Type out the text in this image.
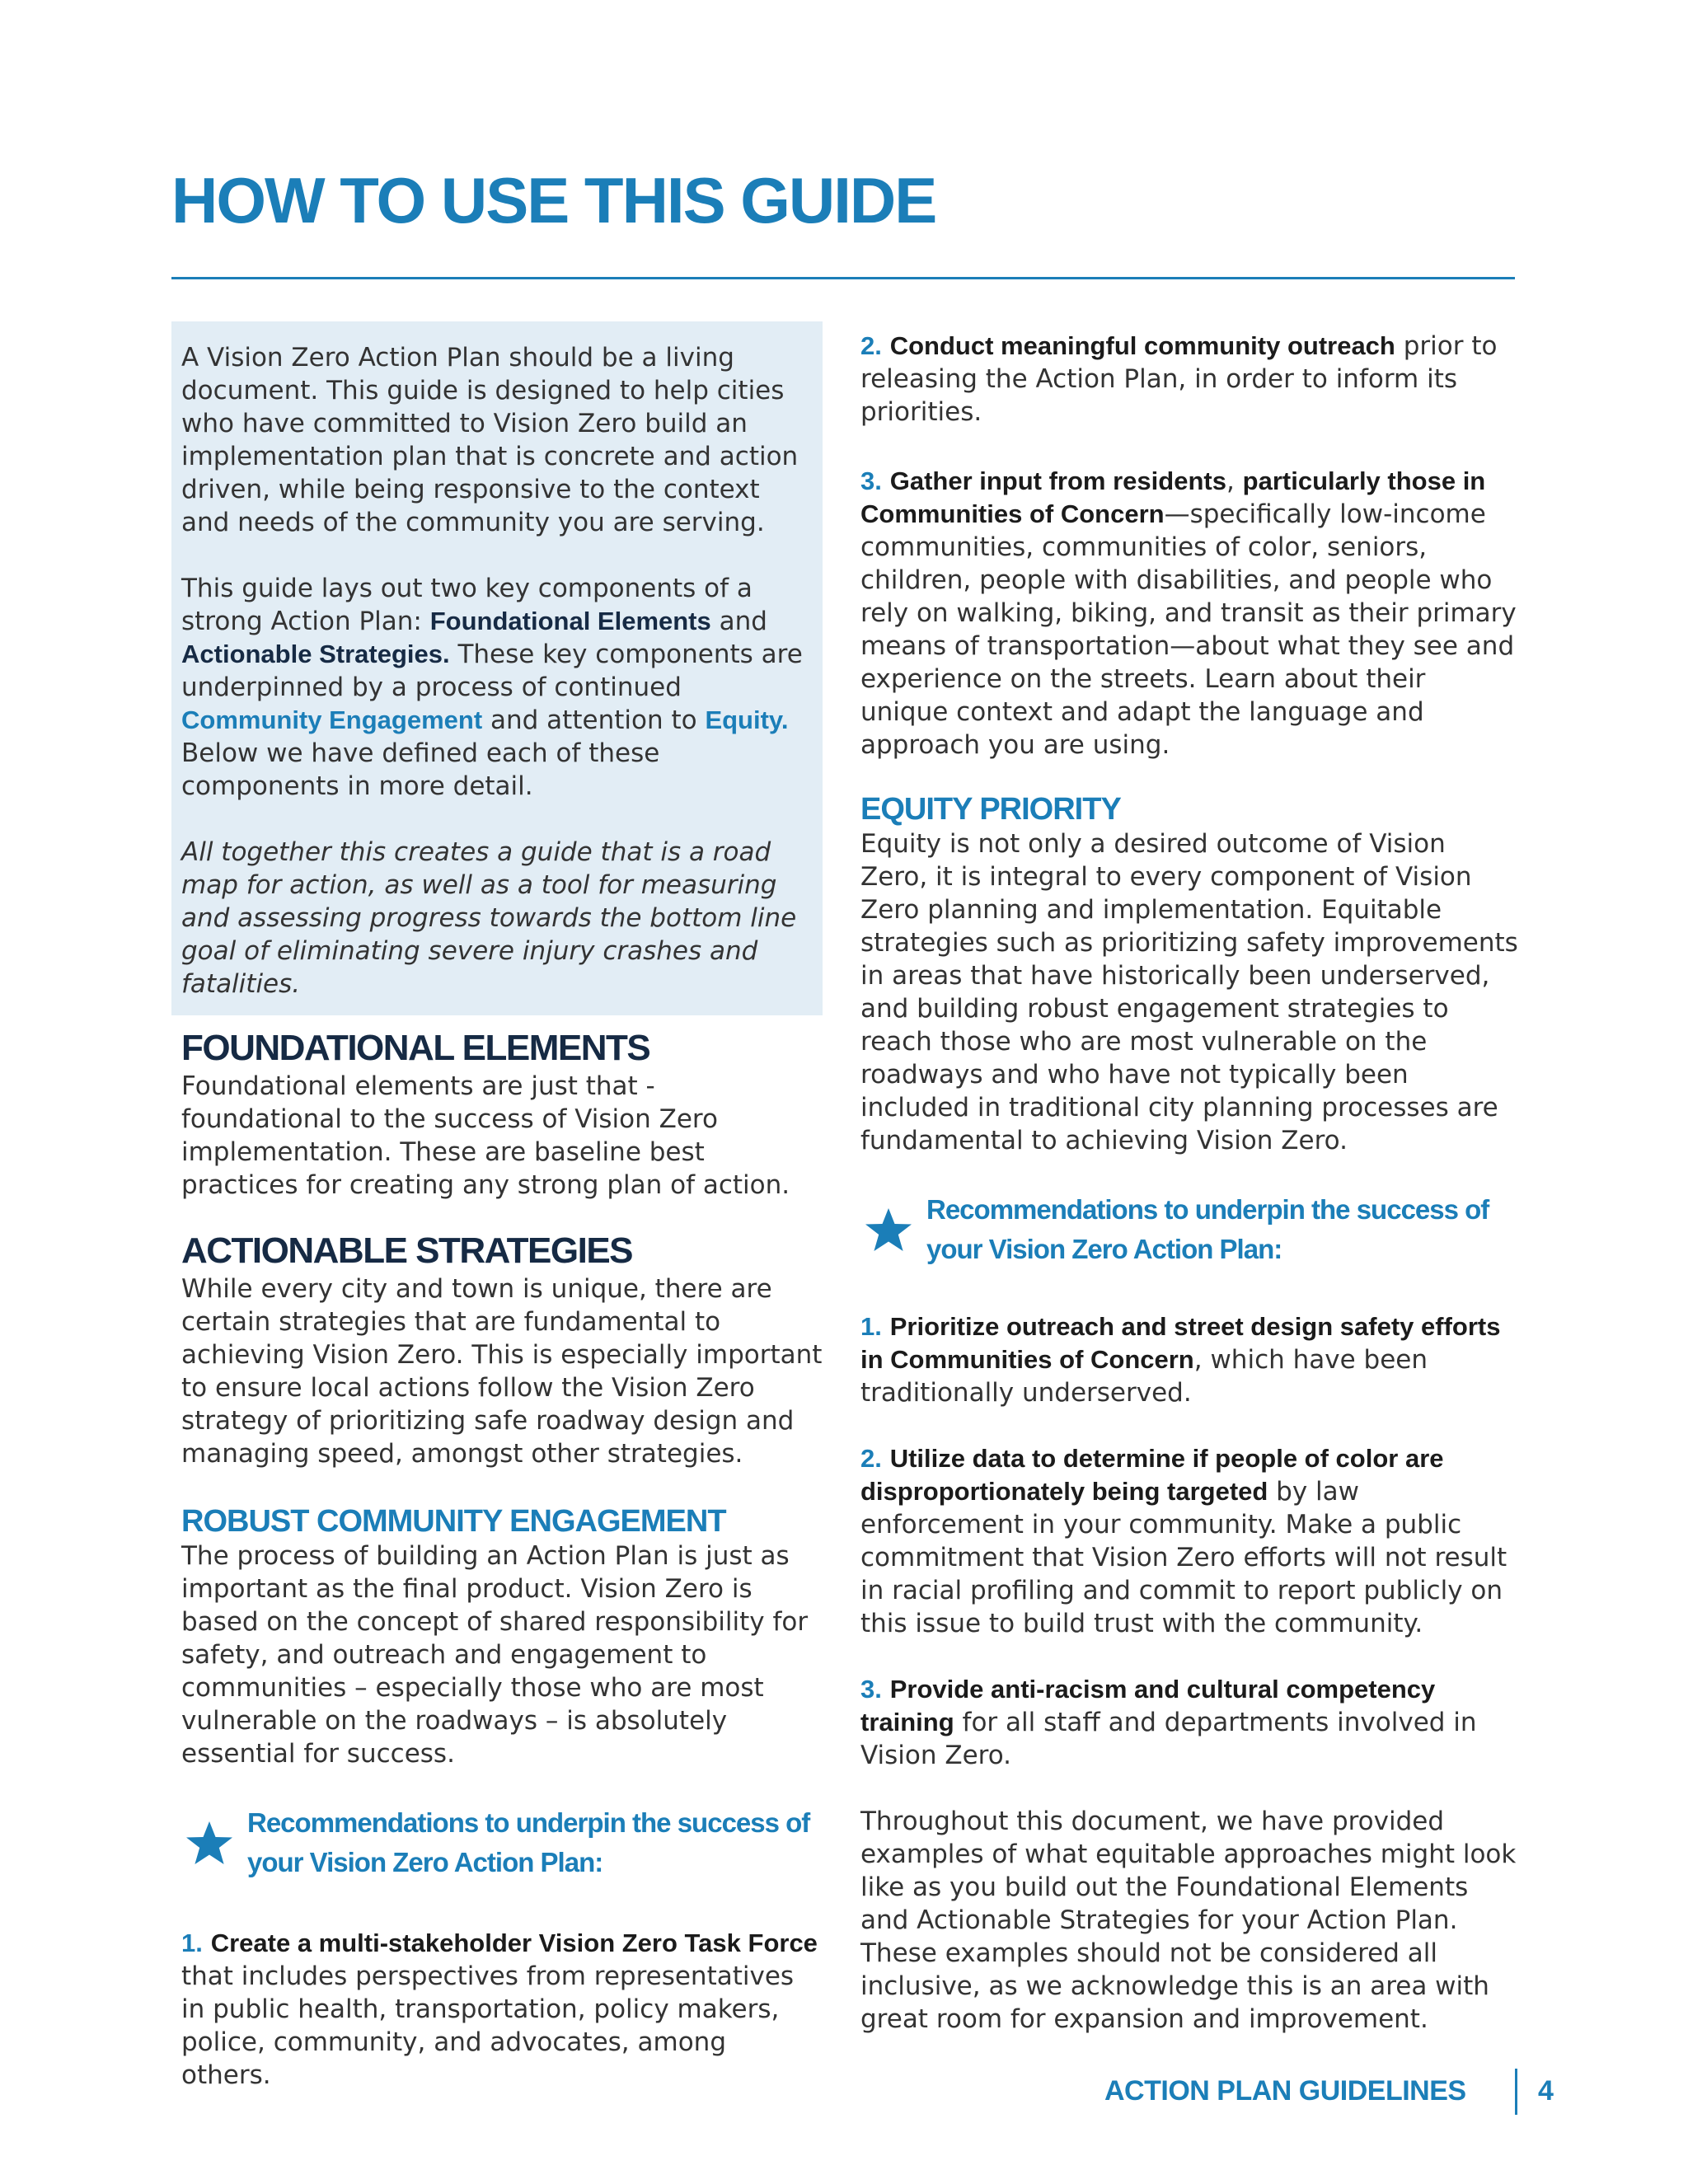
HOW TO USE THIS GUIDE

A Vision Zero Action Plan should be a living document. This guide is designed to help cities who have committed to Vision Zero build an implementation plan that is concrete and action driven, while being responsive to the context and needs of the community you are serving.

This guide lays out two key components of a strong Action Plan: Foundational Elements and Actionable Strategies. These key components are underpinned by a process of continued Community Engagement and attention to Equity. Below we have defined each of these components in more detail.

All together this creates a guide that is a road map for action, as well as a tool for measuring and assessing progress towards the bottom line goal of eliminating severe injury crashes and fatalities.

FOUNDATIONAL ELEMENTS

Foundational elements are just that - foundational to the success of Vision Zero implementation. These are baseline best practices for creating any strong plan of action.

ACTIONABLE STRATEGIES

While every city and town is unique, there are certain strategies that are fundamental to achieving Vision Zero. This is especially important to ensure local actions follow the Vision Zero strategy of prioritizing safe roadway design and managing speed, amongst other strategies.

ROBUST COMMUNITY ENGAGEMENT

The process of building an Action Plan is just as important as the final product. Vision Zero is based on the concept of shared responsibility for safety, and outreach and engagement to communities – especially those who are most vulnerable on the roadways – is absolutely essential for success.

Recommendations to underpin the success of your Vision Zero Action Plan:

1. Create a multi-stakeholder Vision Zero Task Force that includes perspectives from representatives in public health, transportation, policy makers, police, community, and advocates, among others.

2. Conduct meaningful community outreach prior to releasing the Action Plan, in order to inform its priorities.

3. Gather input from residents, particularly those in Communities of Concern—specifically low-income communities, communities of color, seniors, children, people with disabilities, and people who rely on walking, biking, and transit as their primary means of transportation—about what they see and experience on the streets. Learn about their unique context and adapt the language and approach you are using.

EQUITY PRIORITY

Equity is not only a desired outcome of Vision Zero, it is integral to every component of Vision Zero planning and implementation. Equitable strategies such as prioritizing safety improvements in areas that have historically been underserved, and building robust engagement strategies to reach those who are most vulnerable on the roadways and who have not typically been included in traditional city planning processes are fundamental to achieving Vision Zero.

Recommendations to underpin the success of your Vision Zero Action Plan:

1. Prioritize outreach and street design safety efforts in Communities of Concern, which have been traditionally underserved.

2. Utilize data to determine if people of color are disproportionately being targeted by law enforcement in your community. Make a public commitment that Vision Zero efforts will not result in racial profiling and commit to report publicly on this issue to build trust with the community.

3. Provide anti-racism and cultural competency training for all staff and departments involved in Vision Zero.

Throughout this document, we have provided examples of what equitable approaches might look like as you build out the Foundational Elements and Actionable Strategies for your Action Plan. These examples should not be considered all inclusive, as we acknowledge this is an area with great room for expansion and improvement.

ACTION PLAN GUIDELINES	4
